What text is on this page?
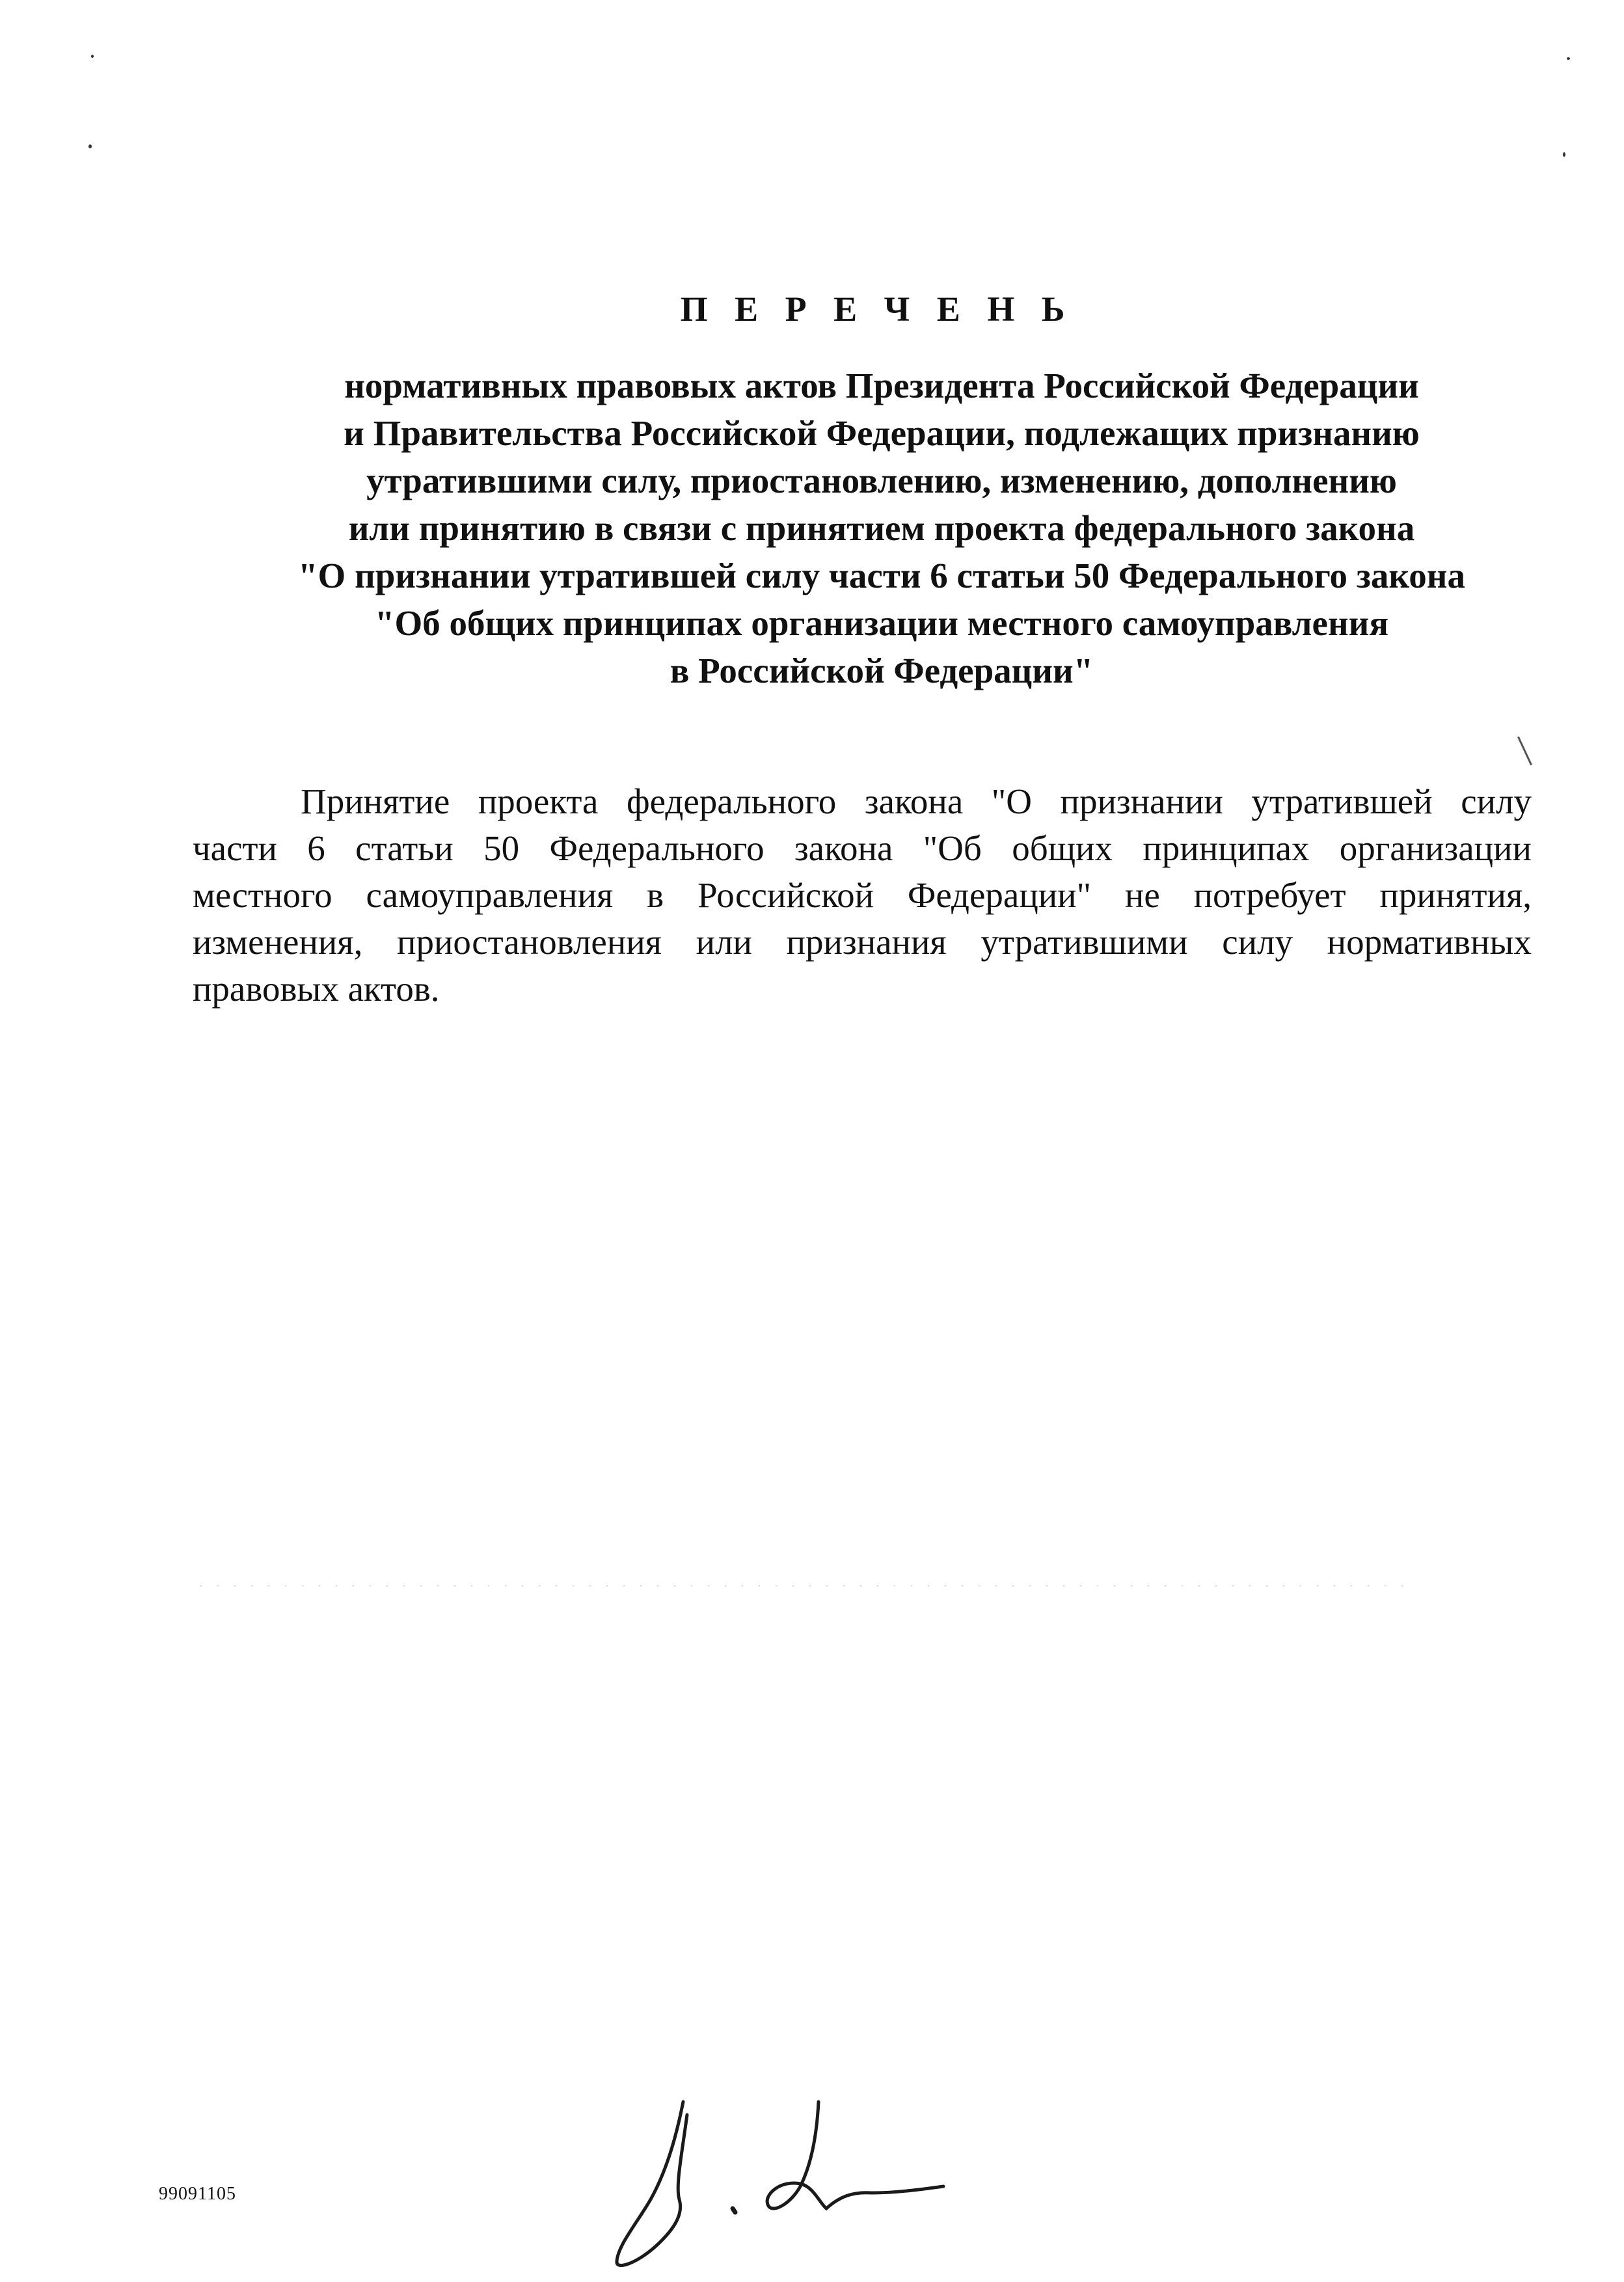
П Е Р Е Ч Е Н Ь
нормативных правовых актов Президента Российской Федерации
и Правительства Российской Федерации, подлежащих признанию
утратившими силу, приостановлению, изменению, дополнению
или принятию в связи с принятием проекта федерального закона
"О признании утратившей силу части 6 статьи 50 Федерального закона
"Об общих принципах организации местного самоуправления
в Российской Федерации"
Принятие проекта федерального закона "О признании утратившей силу
части 6 статьи 50 Федерального закона "Об общих принципах организации
местного самоуправления в Российской Федерации" не потребует принятия,
изменения, приостановления или признания утратившими силу нормативных
правовых актов.
99091105
